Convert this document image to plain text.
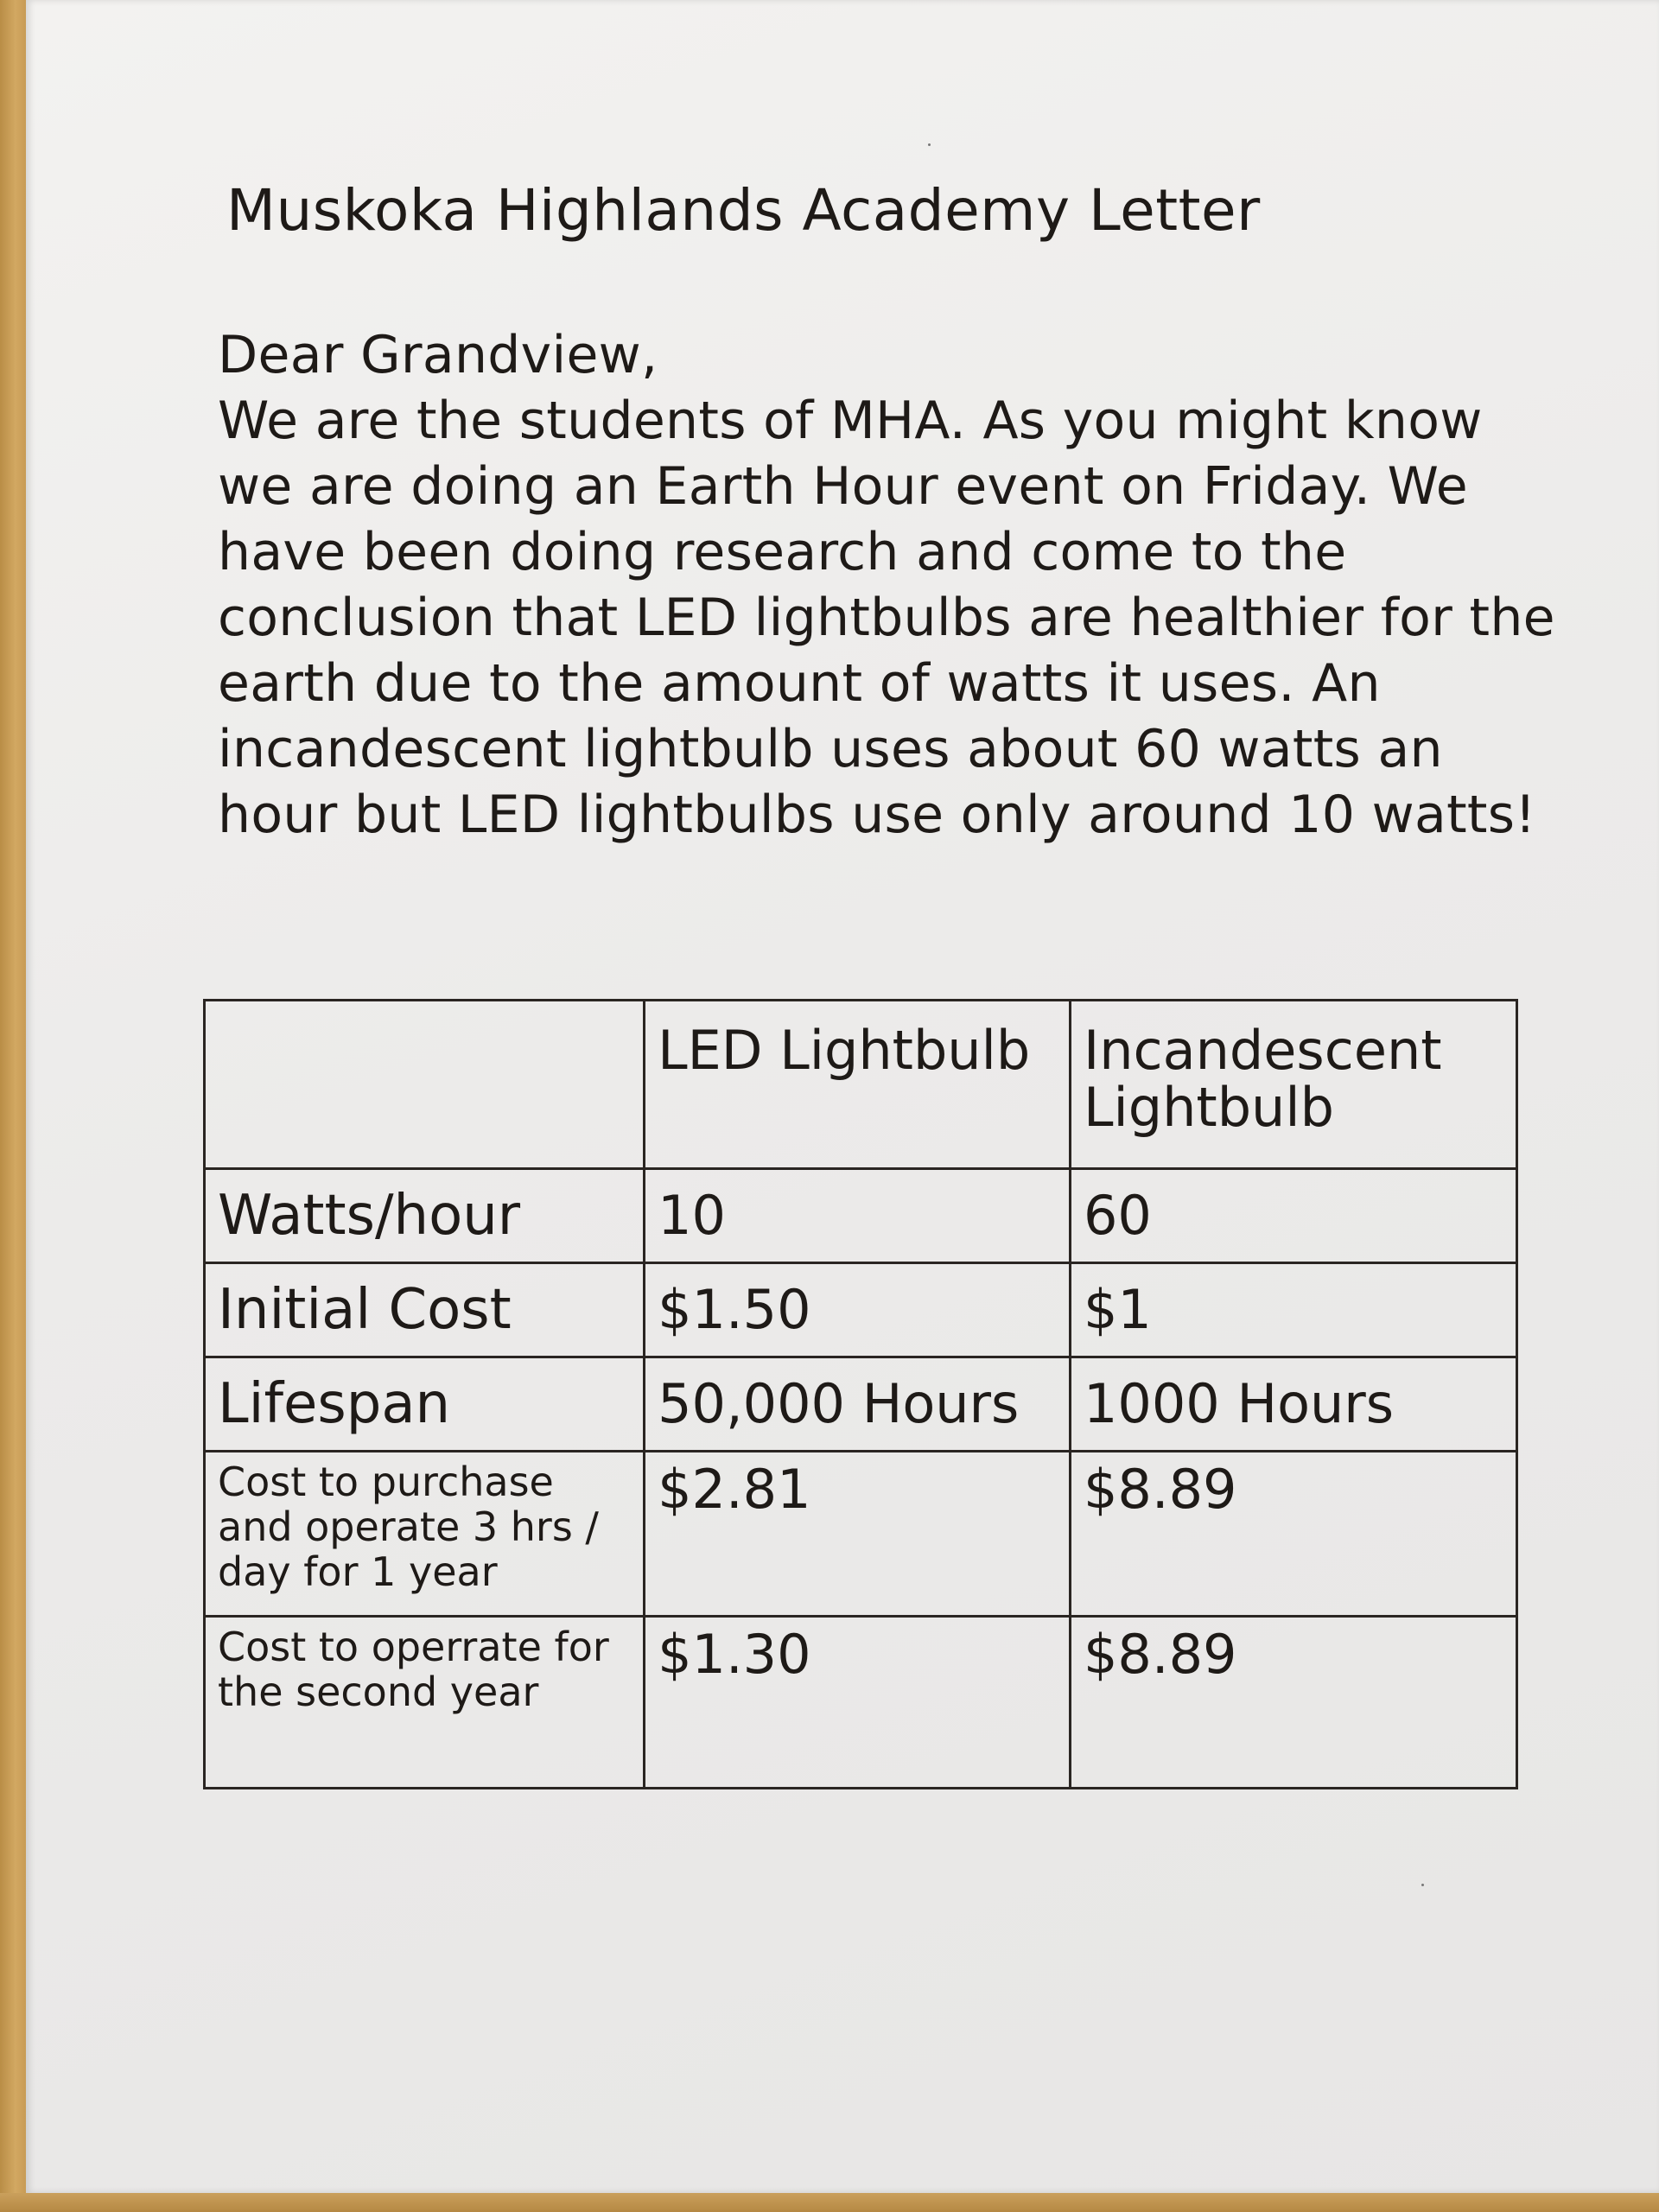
Muskoka Highlands Academy Letter

Dear Grandview,

We are the students of MHA. As you might know we are doing an Earth Hour event on Friday. We have been doing research and come to the conclusion that LED lightbulbs are healthier for the earth due to the amount of watts it uses. An incandescent lightbulb uses about 60 watts an hour but LED lightbulbs use only around 10 watts!

	LED Lightbulb	Incandescent Lightbulb
Watts/hour	10	60
Initial Cost	$1.50	$1
Lifespan	50,000 Hours	1000 Hours
Cost to purchase and operate 3 hrs / day for 1 year	$2.81	$8.89
Cost to operrate for the second year	$1.30	$8.89
